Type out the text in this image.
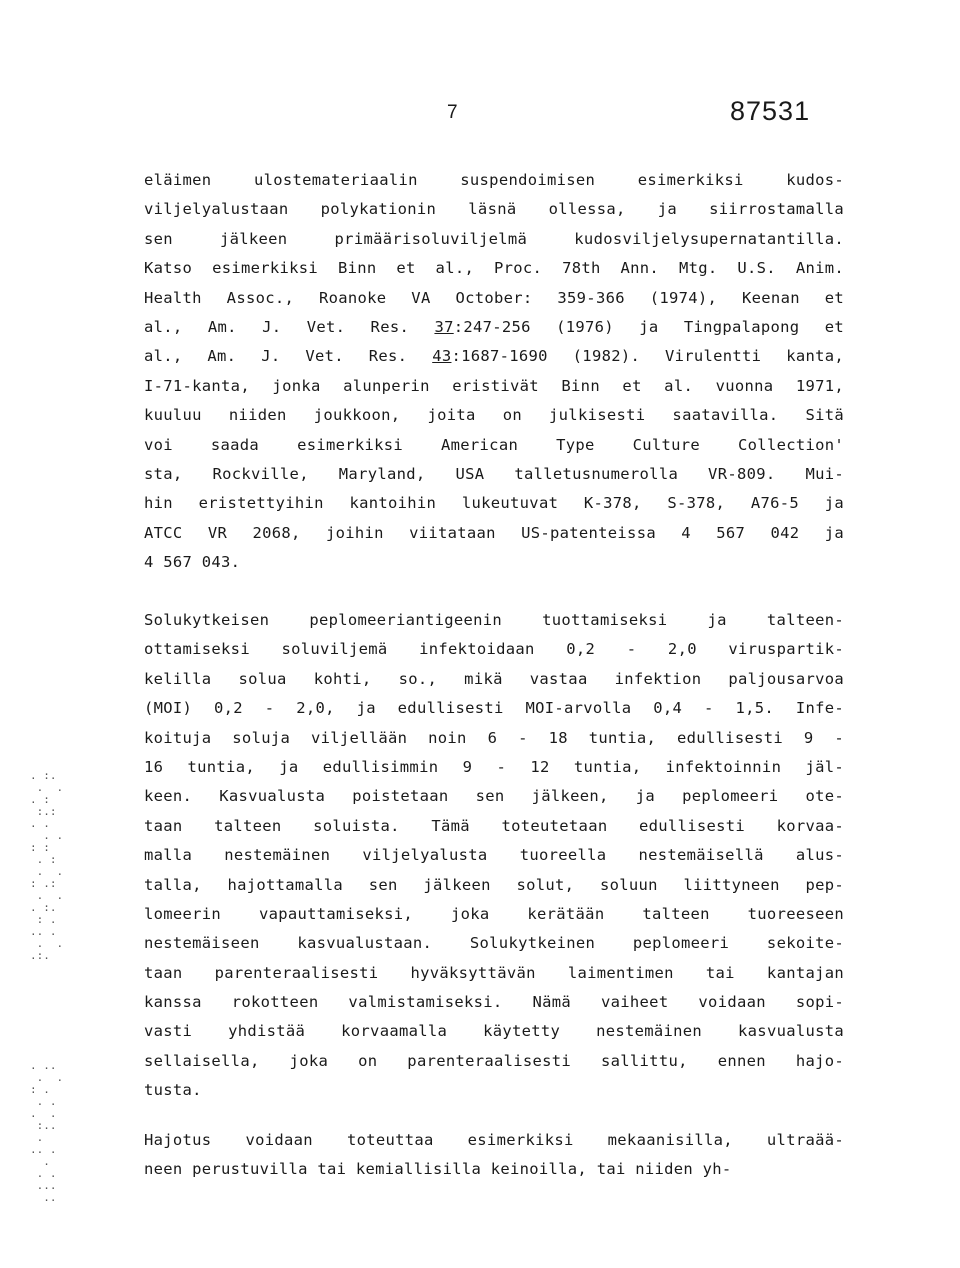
7	87531
eläimen ulostemateriaalin suspendoimisen esimerkiksi kudos-
viljelyalustaan polykationin läsnä ollessa, ja siirrostamalla
sen jälkeen primäärisoluviljelmä kudosviljelysupernatantilla.
Katso esimerkiksi Binn et al., Proc. 78th Ann. Mtg. U.S. Anim.
Health Assoc., Roanoke VA October: 359-366 (1974), Keenan et
al., Am. J. Vet. Res. 37:247-256 (1976) ja Tingpalapong et
al., Am. J. Vet. Res. 43:1687-1690 (1982). Virulentti kanta,
I-71-kanta, jonka alunperin eristivät Binn et al. vuonna 1971,
kuuluu niiden joukkoon, joita on julkisesti saatavilla. Sitä
voi saada esimerkiksi American Type Culture Collection'
sta, Rockville, Maryland, USA talletusnumerolla VR-809. Mui-
hin eristettyihin kantoihin lukeutuvat K-378, S-378, A76-5 ja
ATCC VR 2068, joihin viitataan US-patenteissa 4 567 042 ja
4 567 043.
Solukytkeisen peplomeeriantigeenin tuottamiseksi ja talteen-
ottamiseksi soluviljemä infektoidaan 0,2 - 2,0 viruspartik-
kelilla solua kohti, so., mikä vastaa infektion paljousarvoa
(MOI) 0,2 - 2,0, ja edullisesti MOI-arvolla 0,4 - 1,5. Infe-
koituja soluja viljellään noin 6 - 18 tuntia, edullisesti 9 -
16 tuntia, ja edullisimmin 9 - 12 tuntia, infektoinnin jäl-
keen. Kasvualusta poistetaan sen jälkeen, ja peplomeeri ote-
taan talteen soluista. Tämä toteutetaan edullisesti korvaa-
malla nestemäinen viljelyalusta tuoreella nestemäisellä alus-
talla, hajottamalla sen jälkeen solut, soluun liittyneen pep-
lomeerin vapauttamiseksi, joka kerätään talteen tuoreeseen
nestemäiseen kasvualustaan. Solukytkeinen peplomeeri sekoite-
taan parenteraalisesti hyväksyttävän laimentimen tai kantajan
kanssa rokotteen valmistamiseksi. Nämä vaiheet voidaan sopi-
vasti yhdistää korvaamalla käytetty nestemäinen kasvualusta
sellaisella, joka on parenteraalisesti sallittu, ennen hajo-
tusta.
Hajotus voidaan toteuttaa esimerkiksi mekaanisilla, ultraää-
neen perustuvilla tai kemiallisilla keinoilla, tai niiden yh-
. :.
.  .
. :
:.:
. .
. .
: :
. :
.  .
: .:
.  .
. :.
: .
.. .
.  .
.:.
. ..
.  .
: .
. .
.  .
:..
.
.. .
.
. .
...
..
